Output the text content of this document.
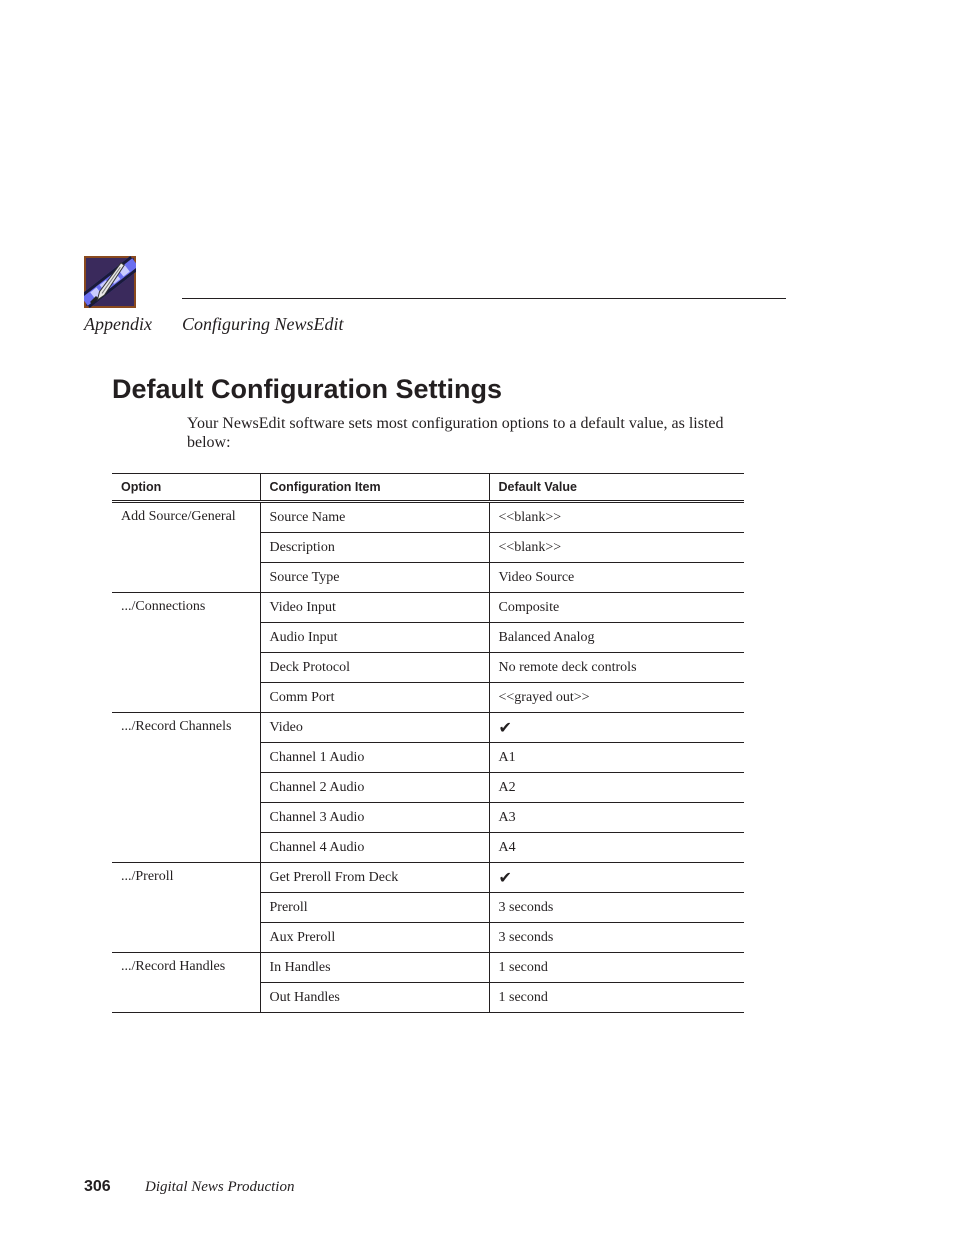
Appendix Configuring NewsEdit
Default Configuration Settings

Your NewsEdit software sets most configuration options to a default value, as listed below:

Option	Configuration Item	Default Value
Add Source/General	Source Name	<<blank>>
	Description	<<blank>>
	Source Type	Video Source
.../Connections	Video Input	Composite
	Audio Input	Balanced Analog
	Deck Protocol	No remote deck controls
	Comm Port	<<grayed out>>
.../Record Channels	Video	✔
	Channel 1 Audio	A1
	Channel 2 Audio	A2
	Channel 3 Audio	A3
	Channel 4 Audio	A4
.../Preroll	Get Preroll From Deck	✔
	Preroll	3 seconds
	Aux Preroll	3 seconds
.../Record Handles	In Handles	1 second
	Out Handles	1 second
306 Digital News Production
